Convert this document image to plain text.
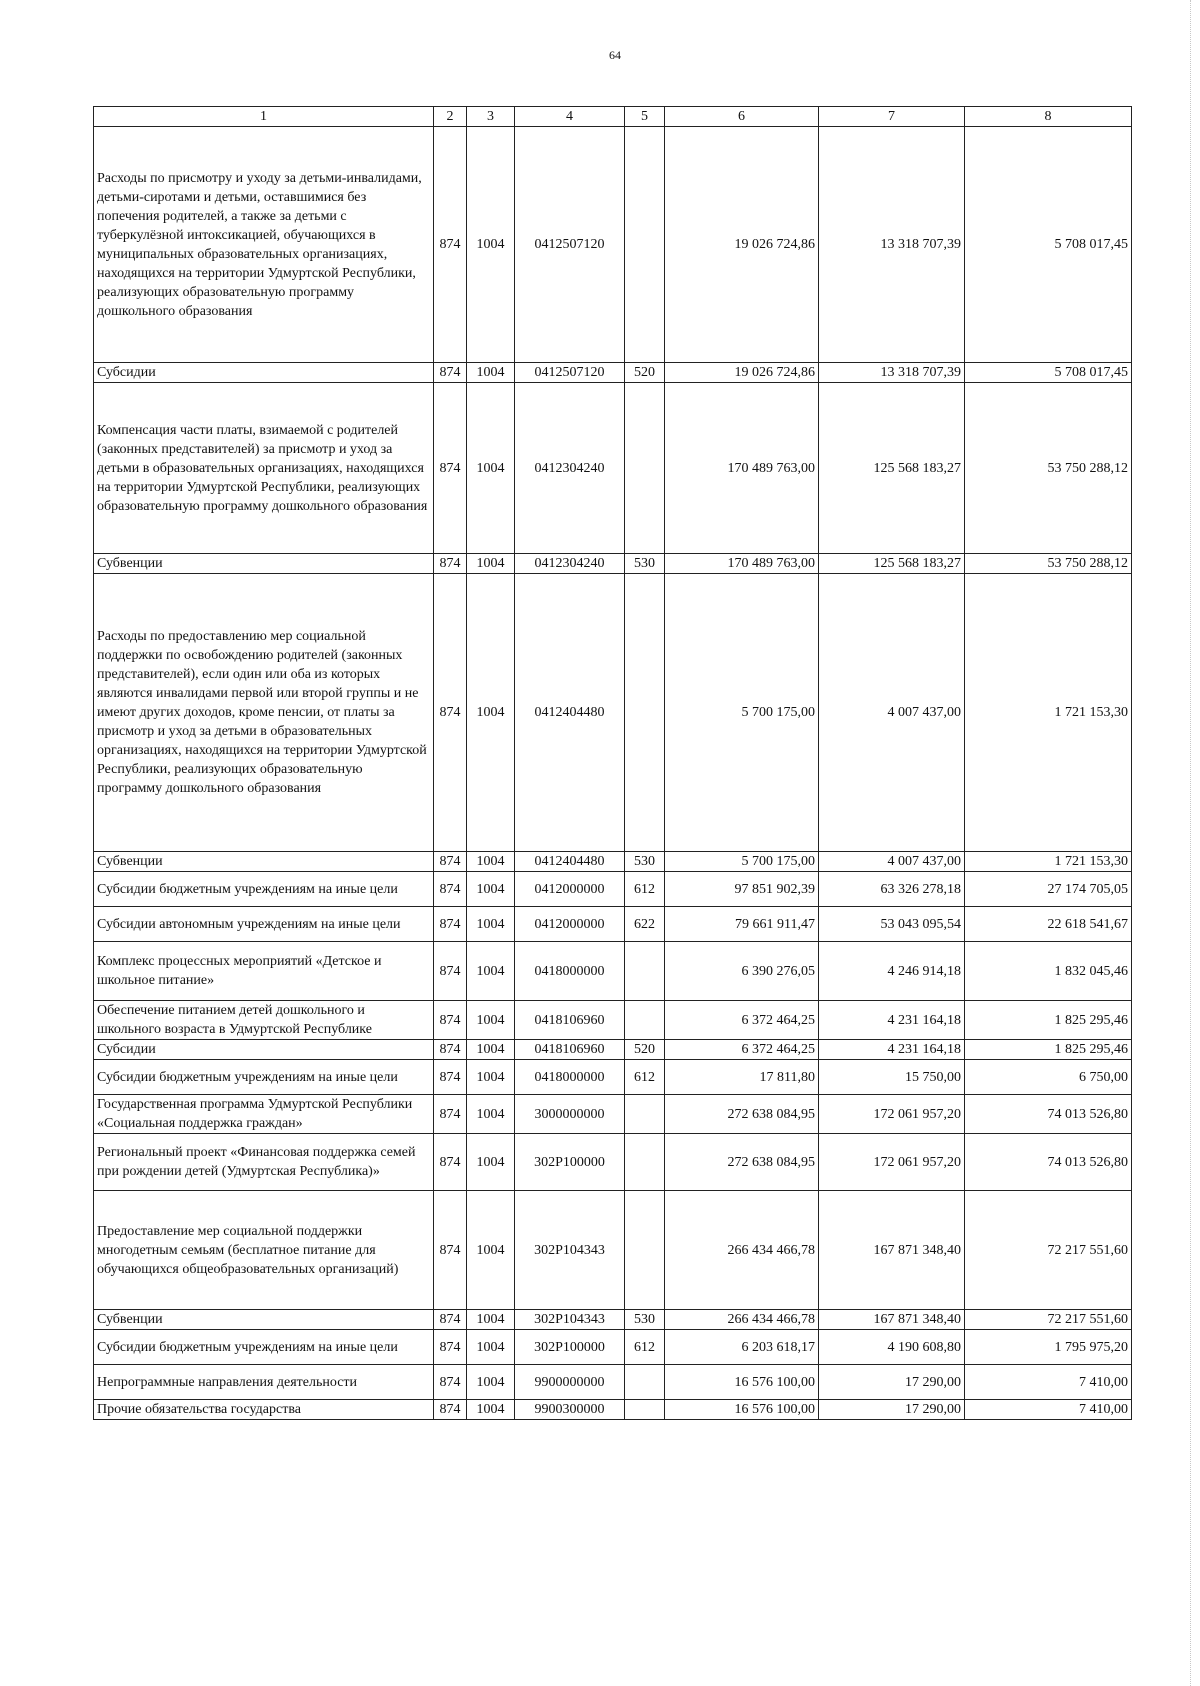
64
1	2	3	4	5	6	7	8
Расходы по присмотру и уходу за детьми-инвалидами, детьми-сиротами и детьми, оставшимися без попечения родителей, а также за детьми с туберкулёзной интоксикацией, обучающихся в муниципальных образовательных организациях, находящихся на территории Удмуртской Республики, реализующих образовательную программу дошкольного образования	874	1004	0412507120		19 026 724,86	13 318 707,39	5 708 017,45
Субсидии	874	1004	0412507120	520	19 026 724,86	13 318 707,39	5 708 017,45
Компенсация части платы, взимаемой с родителей (законных представителей) за присмотр и уход за детьми в образовательных организациях, находящихся на территории Удмуртской Республики, реализующих образовательную программу дошкольного образования	874	1004	0412304240		170 489 763,00	125 568 183,27	53 750 288,12
Субвенции	874	1004	0412304240	530	170 489 763,00	125 568 183,27	53 750 288,12
Расходы по предоставлению мер социальной поддержки по освобождению родителей (законных представителей), если один или оба из которых являются инвалидами первой или второй группы и не имеют других доходов, кроме пенсии, от платы за присмотр и уход за детьми в образовательных организациях, находящихся на территории Удмуртской Республики, реализующих образовательную программу дошкольного образования	874	1004	0412404480		5 700 175,00	4 007 437,00	1 721 153,30
Субвенции	874	1004	0412404480	530	5 700 175,00	4 007 437,00	1 721 153,30
Субсидии бюджетным учреждениям на иные цели	874	1004	0412000000	612	97 851 902,39	63 326 278,18	27 174 705,05
Субсидии автономным учреждениям на иные цели	874	1004	0412000000	622	79 661 911,47	53 043 095,54	22 618 541,67
Комплекс процессных мероприятий «Детское и школьное питание»	874	1004	0418000000		6 390 276,05	4 246 914,18	1 832 045,46
Обеспечение питанием детей дошкольного и школьного возраста в Удмуртской Республике	874	1004	0418106960		6 372 464,25	4 231 164,18	1 825 295,46
Субсидии	874	1004	0418106960	520	6 372 464,25	4 231 164,18	1 825 295,46
Субсидии бюджетным учреждениям на иные цели	874	1004	0418000000	612	17 811,80	15 750,00	6 750,00
Государственная программа Удмуртской Республики «Социальная поддержка граждан»	874	1004	3000000000		272 638 084,95	172 061 957,20	74 013 526,80
Региональный проект «Финансовая поддержка семей при рождении детей (Удмуртская Республика)»	874	1004	302P100000		272 638 084,95	172 061 957,20	74 013 526,80
Предоставление мер социальной поддержки многодетным семьям (бесплатное питание для обучающихся общеобразовательных организаций)	874	1004	302P104343		266 434 466,78	167 871 348,40	72 217 551,60
Субвенции	874	1004	302P104343	530	266 434 466,78	167 871 348,40	72 217 551,60
Субсидии бюджетным учреждениям на иные цели	874	1004	302P100000	612	6 203 618,17	4 190 608,80	1 795 975,20
Непрограммные направления деятельности	874	1004	9900000000		16 576 100,00	17 290,00	7 410,00
Прочие обязательства государства	874	1004	9900300000		16 576 100,00	17 290,00	7 410,00
